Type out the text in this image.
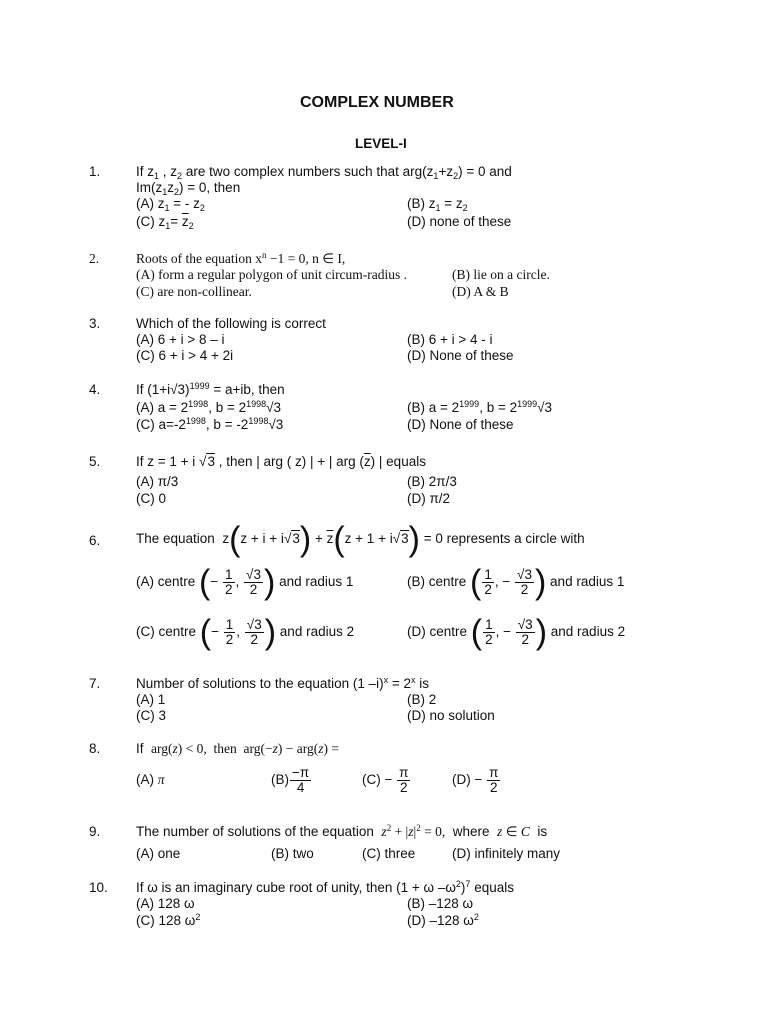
COMPLEX NUMBER
LEVEL-I
1.	If $z_1$ , $z_2$ are two complex numbers such that $arg(z_1+z_2) = 0$ and
$Im(z_1z_2) = 0$, then
(A) $z_1$ = - $z_2$	(B) $z_1 = z_2$
(C) $z_1= \overline{z}_2$	(D) none of these
2.	Roots of the equation $x^n -1 = 0$, n ∈ I,
(A) form a regular polygon of unit circum-radius .	(B) lie on a circle.
(C) are non-collinear.	(D) A & B
3.	Which of the following is correct
(A) 6 + i > 8 – i	(B) 6 + i > 4 - i
(C) 6 + i > 4 + 2i	(D) None of these
4.	If $(1+i√3)^{1999} = a+ib$, then
(A) $a = 2^{1998}$, $b = 2^{1998}√3$	(B) $a = 2^{1999}$, $b = 2^{1999}√3$
(C) $a=-2^{1998}$, $b = -2^{1998}√3$	(D) None of these
5.	If z = 1 + i √3 , then | arg ( z) | + | arg $(\overline{z})$ | equals
(A) π/3	(B) 2π/3
(C) 0	(D) π/2
6.	The equation  $z(z + i + i√3) + \overline{z}(z + 1 + i√3) = 0$ represents a circle with
(A) centre (− $\frac{1}{2}$ , $\frac{√3}{2}$ ) and radius 1	(B) centre ( $\frac{1}{2}$ , − $\frac{√3}{2}$ ) and radius 1
(C) centre (− $\frac{1}{2}$ , $\frac{√3}{2}$ ) and radius 2	(D) centre ( $\frac{1}{2}$ , − $\frac{√3}{2}$ ) and radius 2
7.	Number of solutions to the equation (1 $-i)^x = 2^x$ is
(A) 1	(B) 2
(C) 3	(D) no solution
8.	If  arg(z) < 0,  then  arg(−z) − arg(z) =
(A) π	$(B) \frac{-\pi}{4}$	$(C) - \frac{\pi}{2}$	$(D) - \frac{\pi}{2}$
9.	The number of solutions of the equation $z^2 + |z|^2 = 0$, where z ∈ C is
(A) one	(B) two	(C) three	(D) infinitely many
10. If ω is an imaginary cube root of unity, then (1 + ω $-\omega^2)^7$ equals
(A) 128 ω	(B) –128 ω
(C) 128 $\omega^2$	(D) –128 $\omega^2$
